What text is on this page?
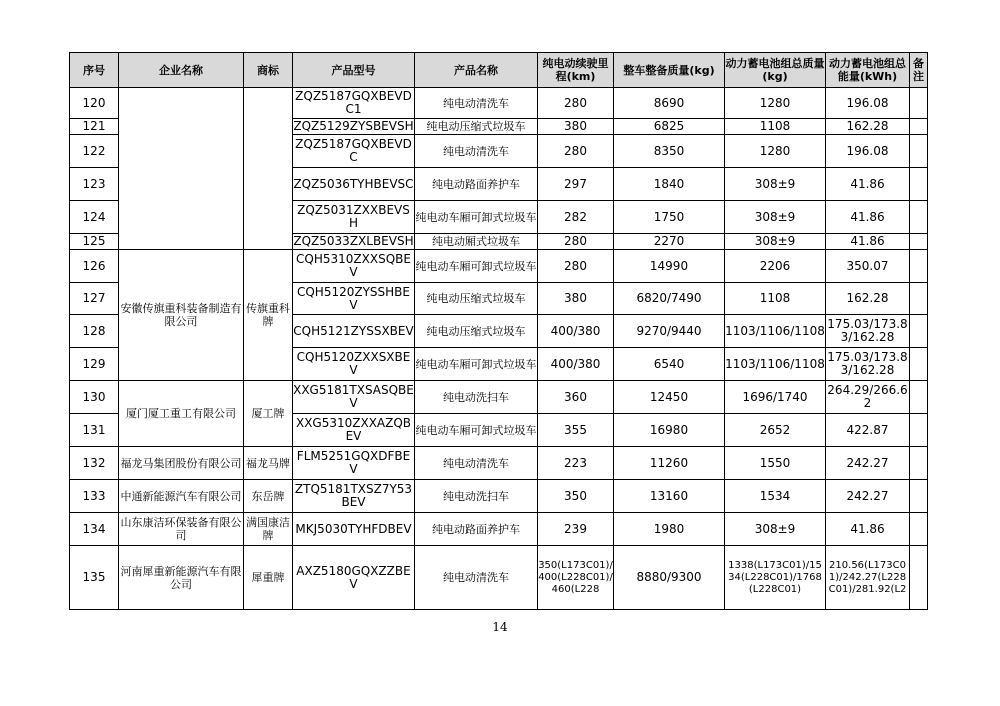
序号	企业名称	商标	产品型号	产品名称	纯电动续驶里程(km)	整车整备质量(kg)	动力蓄电池组总质量(kg)	动力蓄电池组总能量(kWh)	备注
120			ZQZ5187GQXBEVDC1	纯电动清洗车	280	8690	1280	196.08	
121			ZQZ5129ZYSBEVSH	纯电动压缩式垃圾车	380	6825	1108	162.28	
122			ZQZ5187GQXBEVDC	纯电动清洗车	280	8350	1280	196.08	
123			ZQZ5036TYHBEVSC	纯电动路面养护车	297	1840	308±9	41.86	
124			ZQZ5031ZXXBEVSH	纯电动车厢可卸式垃圾车	282	1750	308±9	41.86	
125			ZQZ5033ZXLBEVSH	纯电动厢式垃圾车	280	2270	308±9	41.86	
126	安徽传旗重科装备制造有限公司	传旗重科牌	CQH5310ZXXSQBEV	纯电动车厢可卸式垃圾车	280	14990	2206	350.07	
127			CQH5120ZYSSHBEV	纯电动压缩式垃圾车	380	6820/7490	1108	162.28	
128			CQH5121ZYSSXBEV	纯电动压缩式垃圾车	400/380	9270/9440	1103/1106/1108	175.03/173.83/162.28	
129			CQH5120ZXXSXBEV	纯电动车厢可卸式垃圾车	400/380	6540	1103/1106/1108	175.03/173.83/162.28	
130	厦门厦工重工有限公司	厦工牌	XXG5181TXSASQBEV	纯电动洗扫车	360	12450	1696/1740	264.29/266.62	
131			XXG5310ZXXAZQBEV	纯电动车厢可卸式垃圾车	355	16980	2652	422.87	
132	福龙马集团股份有限公司	福龙马牌	FLM5251GQXDFBEV	纯电动清洗车	223	11260	1550	242.27	
133	中通新能源汽车有限公司	东岳牌	ZTQ5181TXSZ7Y53BEV	纯电动洗扫车	350	13160	1534	242.27	
134	山东康洁环保装备有限公司	满国康洁牌	MKJ5030TYHFDBEV	纯电动路面养护车	239	1980	308±9	41.86	
135	河南犀重新能源汽车有限公司	犀重牌	AXZ5180GQXZZBEV	纯电动清洗车	350(L173C01)/400(L228C01)/460(L228	8880/9300	1338(L173C01)/1534(L228C01)/1768(L228C01)	210.56(L173C01)/242.27(L228C01)/281.92(L2	
14
